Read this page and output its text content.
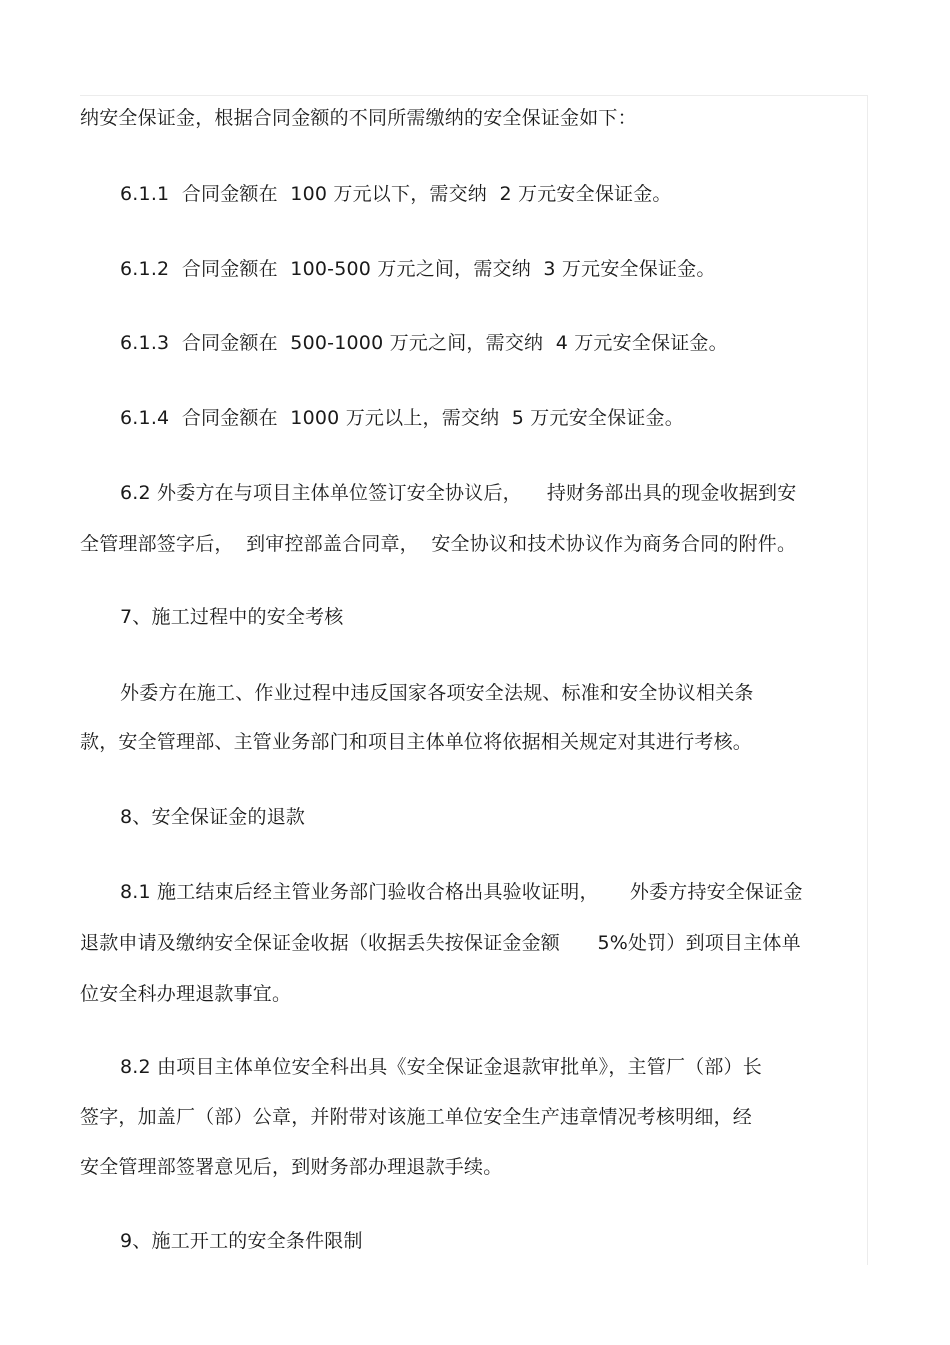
纳安全保证金，根据合同金额的不同所需缴纳的安全保证金如下：
6.1.1  合同金额在  100 万元以下，需交纳  2 万元安全保证金。
6.1.2  合同金额在  100-500 万元之间，需交纳  3 万元安全保证金。
6.1.3  合同金额在  500-1000 万元之间，需交纳  4 万元安全保证金。
6.1.4  合同金额在  1000 万元以上，需交纳  5 万元安全保证金。
6.2 外委方在与项目主体单位签订安全协议后，    持财务部出具的现金收据到安
全管理部签字后，  到审控部盖合同章，  安全协议和技术协议作为商务合同的附件。
7、施工过程中的安全考核
外委方在施工、作业过程中违反国家各项安全法规、标准和安全协议相关条
款，安全管理部、主管业务部门和项目主体单位将依据相关规定对其进行考核。
8、安全保证金的退款
8.1 施工结束后经主管业务部门验收合格出具验收证明，     外委方持安全保证金
退款申请及缴纳安全保证金收据（收据丢失按保证金金额      5%处罚）到项目主体单
位安全科办理退款事宜。
8.2 由项目主体单位安全科出具《安全保证金退款审批单》，主管厂（部）长
签字，加盖厂（部）公章，并附带对该施工单位安全生产违章情况考核明细，经
安全管理部签署意见后，到财务部办理退款手续。
9、施工开工的安全条件限制
